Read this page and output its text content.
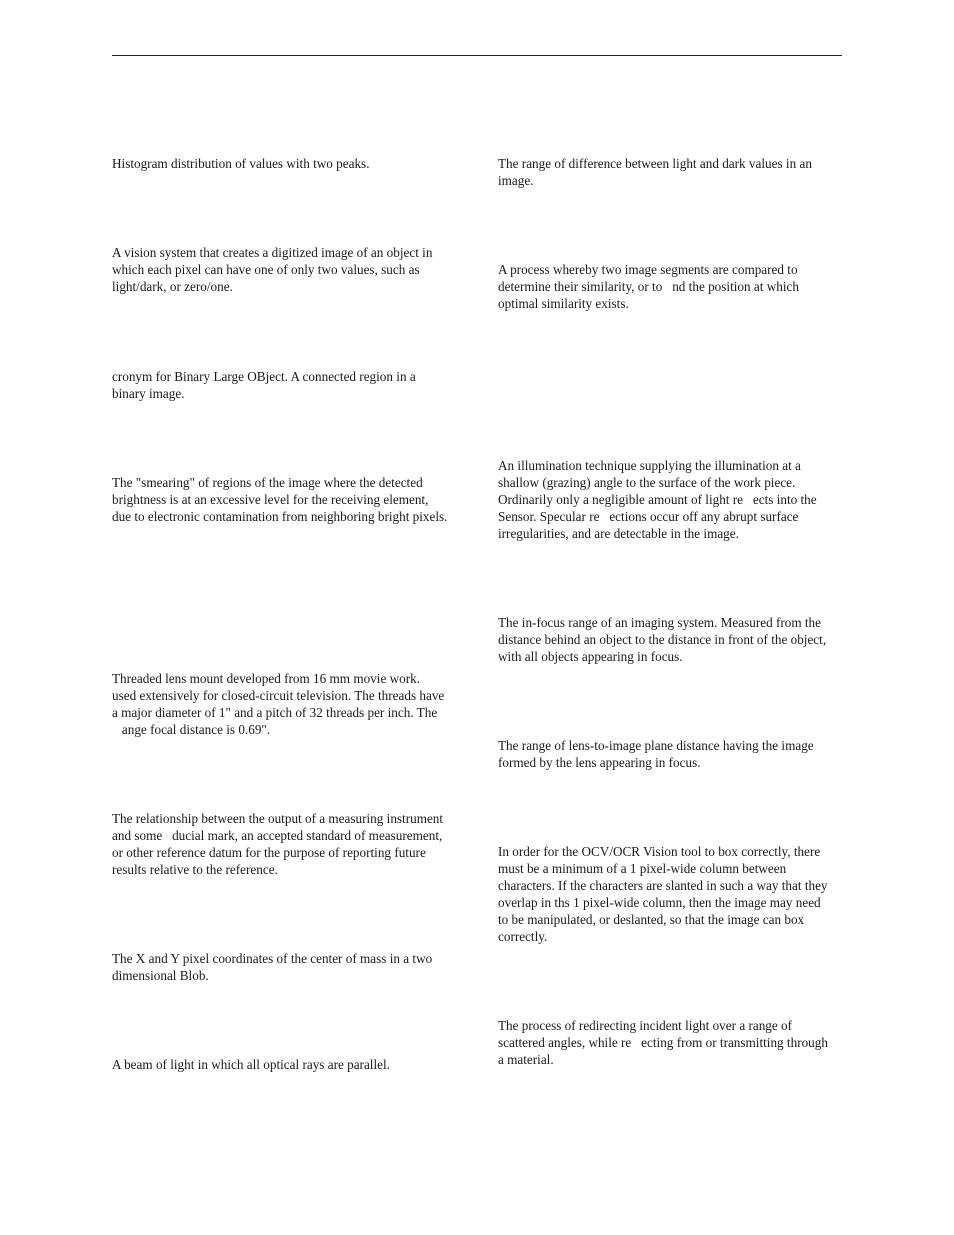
Histogram distribution of values with two peaks.

A vision system that creates a digitized image of an object in
which each pixel can have one of only two values, such as
light/dark, or zero/one.

cronym for Binary Large OBject. A connected region in a
binary image.

The "smearing" of regions of the image where the detected
brightness is at an excessive level for the receiving element,
due to electronic contamination from neighboring bright pixels.

Threaded lens mount developed from 16 mm movie work.
used extensively for closed-circuit television. The threads have
a major diameter of 1" and a pitch of 32 threads per inch. The
ange focal distance is 0.69".

The relationship between the output of a measuring instrument
and some   ducial mark, an accepted standard of measurement,
or other reference datum for the purpose of reporting future
results relative to the reference.

The X and Y pixel coordinates of the center of mass in a two
dimensional Blob.

A beam of light in which all optical rays are parallel.

The range of difference between light and dark values in an
image.

A process whereby two image segments are compared to
determine their similarity, or to   nd the position at which
optimal similarity exists.

An illumination technique supplying the illumination at a
shallow (grazing) angle to the surface of the work piece.
Ordinarily only a negligible amount of light re   ects into the
Sensor. Specular re   ections occur off any abrupt surface
irregularities, and are detectable in the image.

The in-focus range of an imaging system. Measured from the
distance behind an object to the distance in front of the object,
with all objects appearing in focus.

The range of lens-to-image plane distance having the image
formed by the lens appearing in focus.

In order for the OCV/OCR Vision tool to box correctly, there
must be a minimum of a 1 pixel-wide column between
characters. If the characters are slanted in such a way that they
overlap in ths 1 pixel-wide column, then the image may need
to be manipulated, or deslanted, so that the image can box
correctly.

The process of redirecting incident light over a range of
scattered angles, while re   ecting from or transmitting through
a material.
